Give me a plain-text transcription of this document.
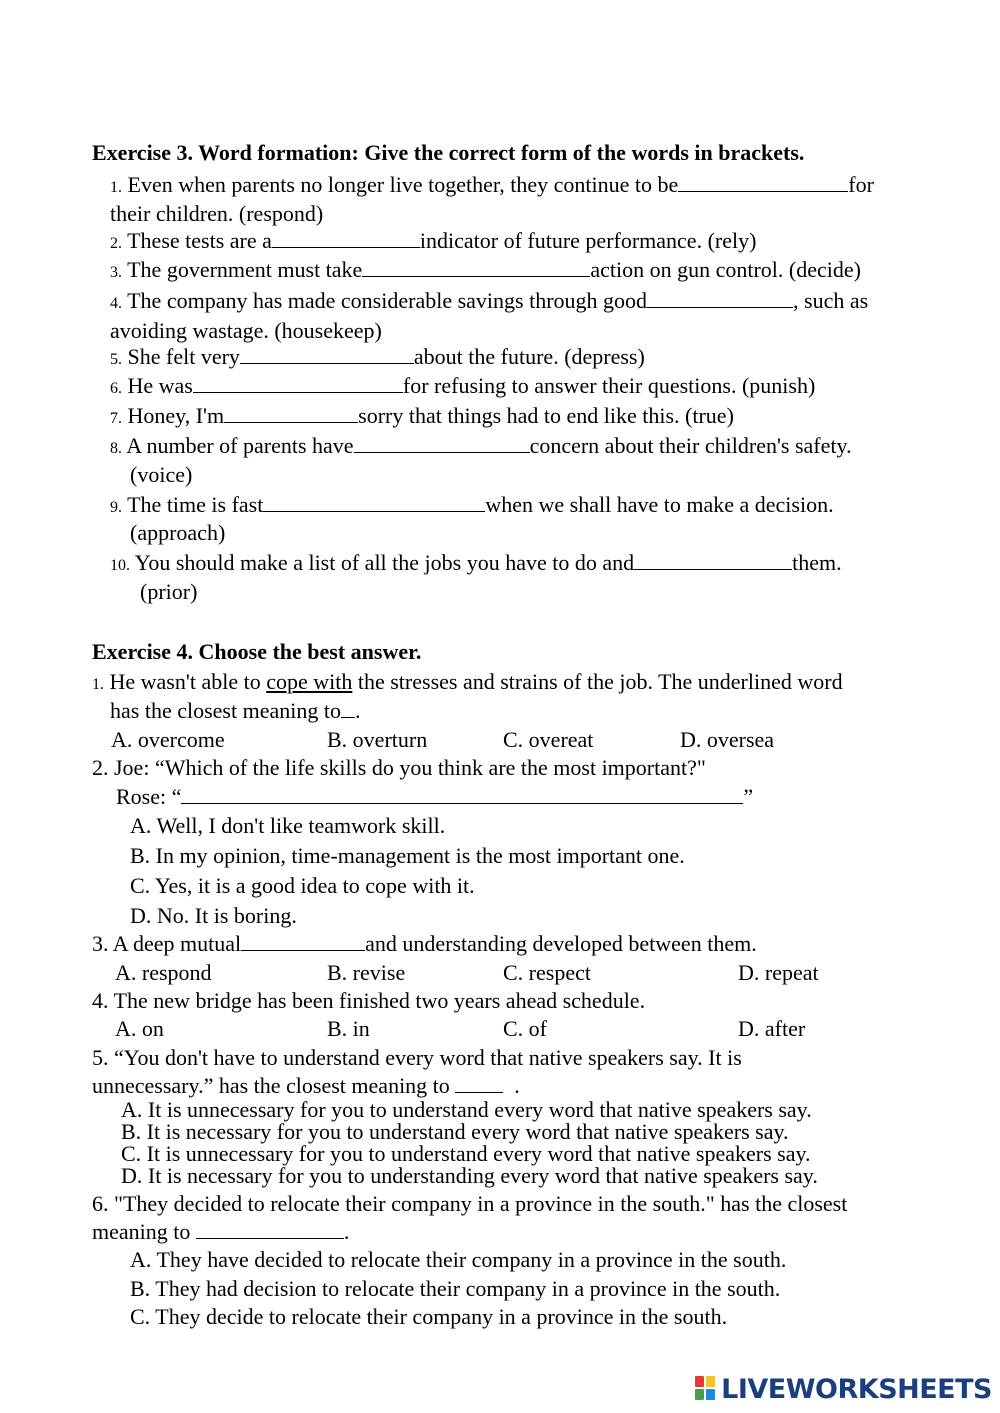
Exercise 3. Word formation: Give the correct form of the words in brackets.
1. Even when parents no longer live together, they continue to be	for
their children. (respond)
2. These tests are a	indicator of future performance. (rely)
3. The government must take	action on gun control. (decide)
4. The company has made considerable savings through good	, such as
avoiding wastage. (housekeep)
5. She felt very	about the future. (depress)
6. He was	for refusing to answer their questions. (punish)
7. Honey, I'm	sorry that things had to end like this. (true)
8. A number of parents have	concern about their children's safety.
(voice)
9. The time is fast	when we shall have to make a decision.
(approach)
10. You should make a list of all the jobs you have to do and	them.
(prior)
Exercise 4. Choose the best answer.
1. He wasn't able to cope with the stresses and strains of the job. The underlined word
has the closest meaning to .
A. overcome	B. overturn	C. overeat	D. oversea
2. Joe: “Which of the life skills do you think are the most important?"
Rose: “	”
A. Well, I don't like teamwork skill.
B. In my opinion, time-management is the most important one.
C. Yes, it is a good idea to cope with it.
D. No. It is boring.
3. A deep mutual	and understanding developed between them.
A. respond	B. revise	C. respect	D. repeat
4. The new bridge has been finished two years ahead schedule.
A. on	B. in	C. of	D. after
5. “You don't have to understand every word that native speakers say. It is
unnecessary.” has the closest meaning to	.
A. It is unnecessary for you to understand every word that native speakers say.
B. It is necessary for you to understand every word that native speakers say.
C. It is unnecessary for you to understand every word that native speakers say.
D. It is necessary for you to understanding every word that native speakers say.
6. "They decided to relocate their company in a province in the south." has the closest
meaning to	.
A. They have decided to relocate their company in a province in the south.
B. They had decision to relocate their company in a province in the south.
C. They decide to relocate their company in a province in the south.
LIVEWORKSHEETS
